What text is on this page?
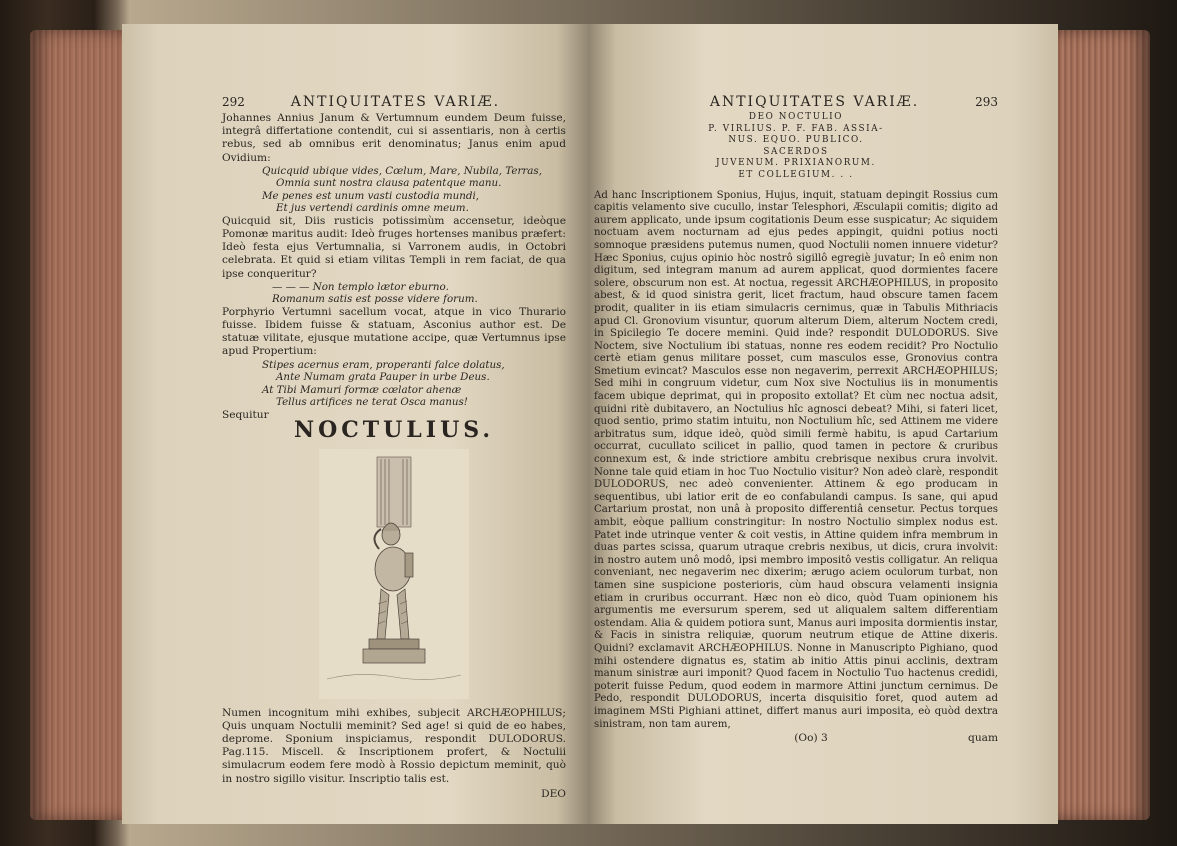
292	ANTIQUITATES VARIÆ.

Johannes Annius Janum & Vertumnum eundem Deum fuisse, integrâ differtatione contendit, cui si assentiaris, non à certis rebus, sed ab omnibus erit denominatus; Janus enim apud Ovidium:

Quicquid ubique vides, Cœlum, Mare, Nubila, Terras,
Omnia sunt nostra clausa patentque manu.
Me penes est unum vasti custodia mundi,
Et jus vertendi cardinis omne meum.

Quicquid sit, Diis rusticis potissimùm accensetur, ideòque Pomonæ maritus audit: Ideò fruges hortenses manibus præfert: Ideò festa ejus Vertumnalia, si Varronem audis, in Octobri celebrata. Et quid si etiam vilitas Templi in rem faciat, de qua ipse conqueritur?

— — — Non templo lætor eburno.
Romanum satis est posse videre forum.

Porphyrio Vertumni sacellum vocat, atque in vico Thurario fuisse. Ibidem fuisse & statuam, Asconius author est. De statuæ vilitate, ejusque mutatione accipe, quæ Vertumnus ipse apud Propertium:

Stipes acernus eram, properanti falce dolatus,
Ante Numam grata Pauper in urbe Deus.
At Tibi Mamuri formæ cœlator ahenæ
Tellus artifices ne terat Osca manus!

Sequitur

NOCTULIUS.

Numen incognitum mihi exhibes, subjecit ARCHÆOPHILUS; Quis unquam Noctulii meminit? Sed age! si quid de eo habes, deprome. Sponium inspiciamus, respondit DULODORUS. Pag.115. Miscell. & Inscriptionem profert, & Noctulii simulacrum eodem fere modò à Rossio depictum meminit, quò in nostro sigillo visitur. Inscriptio talis est.

DEO
ANTIQUITATES VARIÆ.	293
DEO NOCTULIO
P. VIRLIUS. P. F. FAB. ASSIA-
NUS. EQUO. PUBLICO.
SACERDOS
JUVENUM. PRIXIANORUM.
ET COLLEGIUM. . .

Ad hanc Inscriptionem Sponius, Hujus, inquit, statuam depingit Rossius cum capitis velamento sive cucullo, instar Telesphori, Æsculapii comitis; digito ad aurem applicato, unde ipsum cogitationis Deum esse suspicatur; Ac siquidem noctuam avem nocturnam ad ejus pedes appingit, quidni potius nocti somnoque præsidens putemus numen, quod Noctulii nomen innuere videtur? Hæc Sponius, cujus opinio hòc nostrô sigillô egregiè juvatur; In eô enim non digitum, sed integram manum ad aurem applicat, quod dormientes facere solere, obscurum non est. At noctua, regessit ARCHÆOPHILUS, in proposito abest, & id quod sinistra gerit, licet fractum, haud obscure tamen facem prodit, qualiter in iis etiam simulacris cernimus, quæ in Tabulis Mithriacis apud Cl. Gronovium visuntur, quorum alterum Diem, alterum Noctem credi, in Spicilegio Te docere memini. Quid inde? respondit DULODORUS. Sive Noctem, sive Noctulium ibi statuas, nonne res eodem recidit? Pro Noctulio certè etiam genus militare posset, cum masculos esse, Gronovius contra Smetium evincat? Masculos esse non negaverim, perrexit ARCHÆOPHILUS; Sed mihi in congruum videtur, cum Nox sive Noctulius iis in monumentis facem ubique deprimat, qui in proposito extollat? Et cùm nec noctua adsit, quidni ritè dubitavero, an Noctulius hîc agnosci debeat? Mihi, si fateri licet, quod sentio, primo statim intuitu, non Noctulium hîc, sed Attinem me videre arbitratus sum, idque ideò, quòd simili fermè habitu, is apud Cartarium occurrat, cucullato scilicet in pallio, quod tamen in pectore & cruribus connexum est, & inde strictiore ambitu crebrisque nexibus crura involvit. Nonne tale quid etiam in hoc Tuo Noctulio visitur? Non adeò clarè, respondit DULODORUS, nec adeò convenienter. Attinem & ego producam in sequentibus, ubi latior erit de eo confabulandi campus. Is sane, qui apud Cartarium prostat, non unâ à proposito differentiâ censetur. Pectus torques ambit, eòque pallium constringitur: In nostro Noctulio simplex nodus est. Patet inde utrinque venter & coit vestis, in Attine quidem infra membrum in duas partes scissa, quarum utraque crebris nexibus, ut dicis, crura involvit: in nostro autem unô modô, ipsi membro impositô vestis colligatur. An reliqua conveniant, nec negaverim nec dixerim; ærugo aciem oculorum turbat, non tamen sine suspicione posterioris, cùm haud obscura velamenti insignia etiam in cruribus occurrant. Hæc non eò dico, quòd Tuam opinionem his argumentis me eversurum sperem, sed ut aliqualem saltem differentiam ostendam. Alia & quidem potiora sunt, Manus auri imposita dormientis instar, & Facis in sinistra reliquiæ, quorum neutrum etique de Attine dixeris. Quidni? exclamavit ARCHÆOPHILUS. Nonne in Manuscripto Pighiano, quod mihi ostendere dignatus es, statim ab initio Attis pinui acclinis, dextram manum sinistræ auri imponit? Quod facem in Noctulio Tuo hactenus credidi, poterit fuisse Pedum, quod eodem in marmore Attini junctum cernimus. De Pedo, respondit DULODORUS, incerta disquisitio foret, quod autem ad imaginem MSti Pighiani attinet, differt manus auri imposita, eò quòd dextra sinistram, non tam aurem,

(Oo) 3	quam
